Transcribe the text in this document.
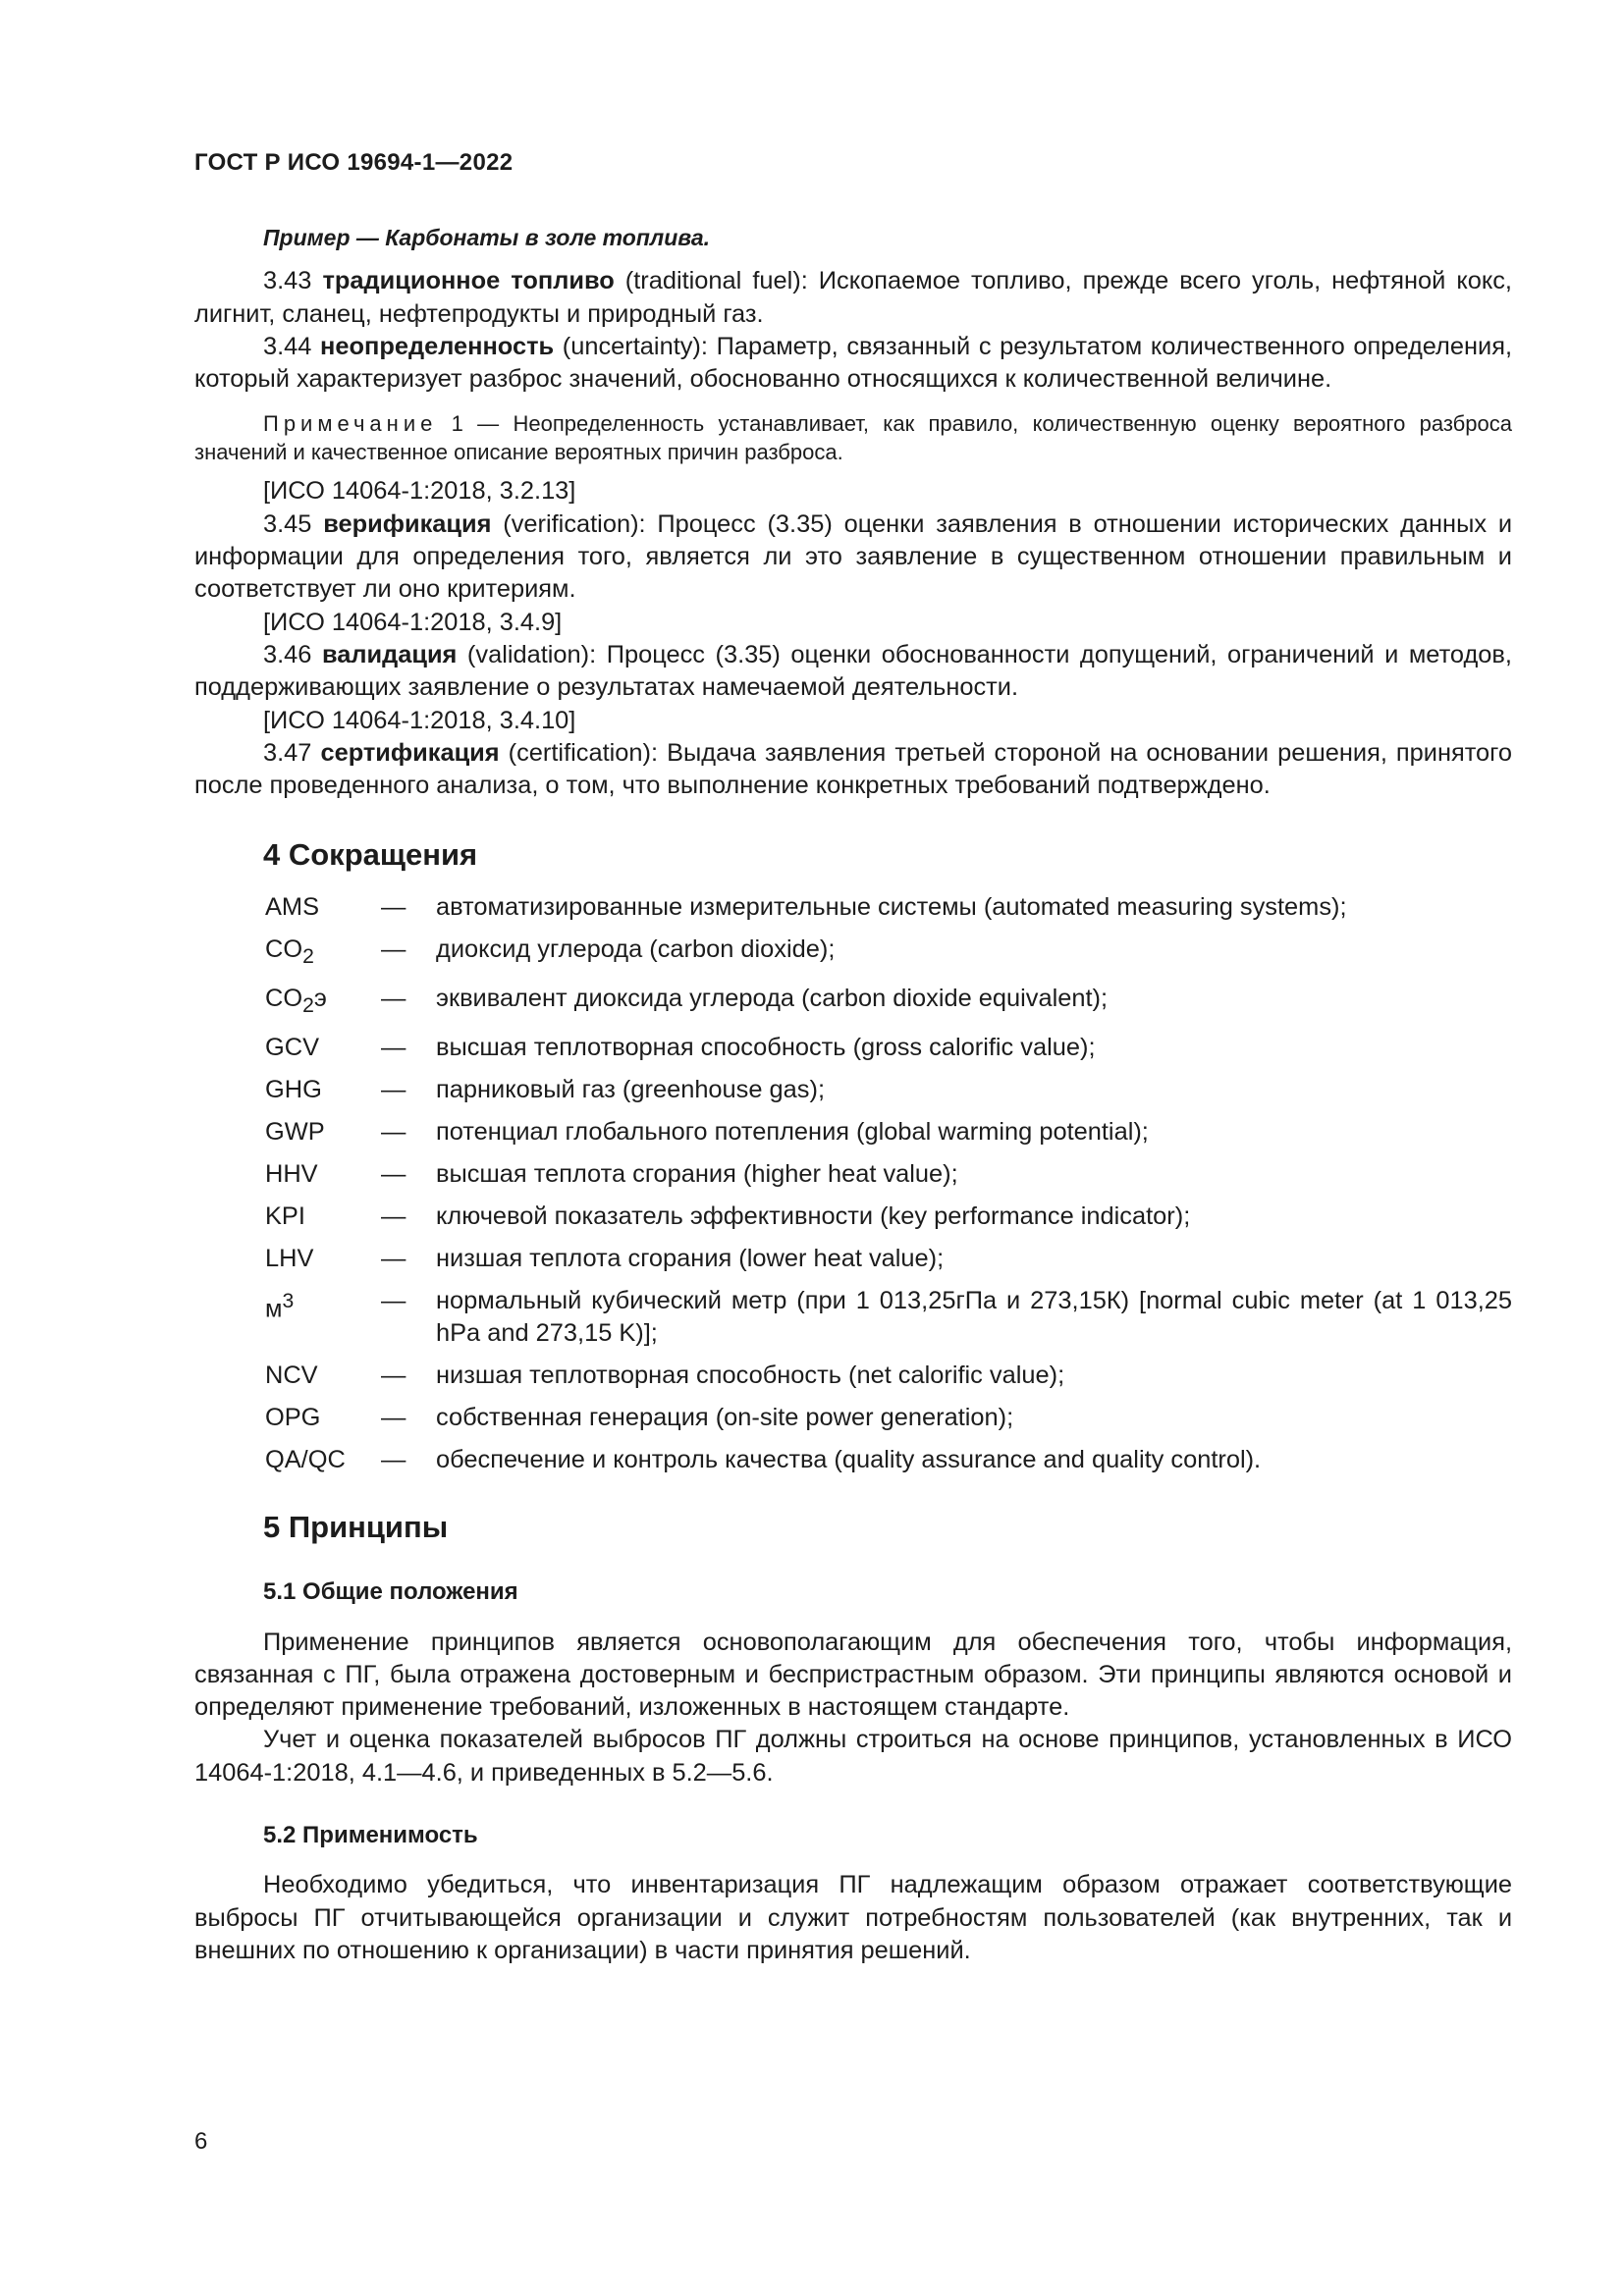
ГОСТ Р ИСО 19694-1—2022

Пример — Карбонаты в золе топлива.

3.43 традиционное топливо (traditional fuel): Ископаемое топливо, прежде всего уголь, нефтяной кокс, лигнит, сланец, нефтепродукты и природный газ.

3.44 неопределенность (uncertainty): Параметр, связанный с результатом количественного определения, который характеризует разброс значений, обоснованно относящихся к количественной величине.

Примечание 1 — Неопределенность устанавливает, как правило, количественную оценку вероятного разброса значений и качественное описание вероятных причин разброса.

[ИСО 14064-1:2018, 3.2.13]

3.45 верификация (verification): Процесс (3.35) оценки заявления в отношении исторических данных и информации для определения того, является ли это заявление в существенном отношении правильным и соответствует ли оно критериям.

[ИСО 14064-1:2018, 3.4.9]

3.46 валидация (validation): Процесс (3.35) оценки обоснованности допущений, ограничений и методов, поддерживающих заявление о результатах намечаемой деятельности.

[ИСО 14064-1:2018, 3.4.10]

3.47 сертификация (certification): Выдача заявления третьей стороной на основании решения, принятого после проведенного анализа, о том, что выполнение конкретных требований подтверждено.

4 Сокращения
AMS	—	автоматизированные измерительные системы (automated measuring systems);
$CO_2$	—	диоксид углерода (carbon dioxide);
$CO_2э$	—	эквивалент диоксида углерода (carbon dioxide equivalent);
GCV	—	высшая теплотворная способность (gross calorific value);
GHG	—	парниковый газ (greenhouse gas);
GWP	—	потенциал глобального потепления (global warming potential);
HHV	—	высшая теплота сгорания (higher heat value);
KPI	—	ключевой показатель эффективности (key performance indicator);
LHV	—	низшая теплота сгорания (lower heat value);
$м^3$	—	нормальный кубический метр (при 1 013,25гПа и 273,15К) [normal cubic meter (at 1 013,25 hPa and 273,15 K)];
NCV	—	низшая теплотворная способность (net calorific value);
OPG	—	собственная генерация (on-site power generation);
QA/QC	—	обеспечение и контроль качества (quality assurance and quality control).
5 Принципы
5.1 Общие положения

Применение принципов является основополагающим для обеспечения того, чтобы информация, связанная с ПГ, была отражена достоверным и беспристрастным образом. Эти принципы являются основой и определяют применение требований, изложенных в настоящем стандарте.

Учет и оценка показателей выбросов ПГ должны строиться на основе принципов, установленных в ИСО 14064-1:2018, 4.1—4.6, и приведенных в 5.2—5.6.

5.2 Применимость

Необходимо убедиться, что инвентаризация ПГ надлежащим образом отражает соответствующие выбросы ПГ отчитывающейся организации и служит потребностям пользователей (как внутренних, так и внешних по отношению к организации) в части принятия решений.

6
